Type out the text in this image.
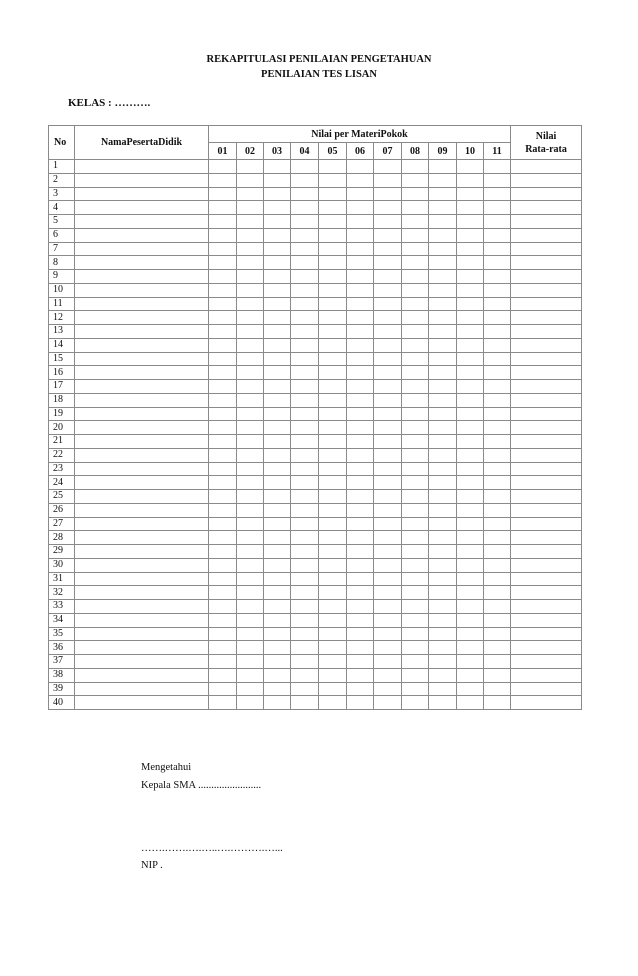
REKAPITULASI PENILAIAN PENGETAHUAN
PENILAIAN TES LISAN
KELAS : ……….
No	NamaPesertaDidik	Nilai per MateriPokok											Nilai
Rata-rata

		01	02	03	04	05	06	07	08	09	10	11	
1													
2													
3													
4													
5													
6													
7													
8													
9													
10													
11													
12													
13													
14													
15													
16													
17													
18													
19													
20													
21													
22													
23													
24													
25													
26													
27													
28													
29													
30													
31													
32													
33													
34													
35													
36													
37													
38													
39													
40													
Mengetahui
Kepala SMA ........................
…….…….….…..….……….…...
NIP .
